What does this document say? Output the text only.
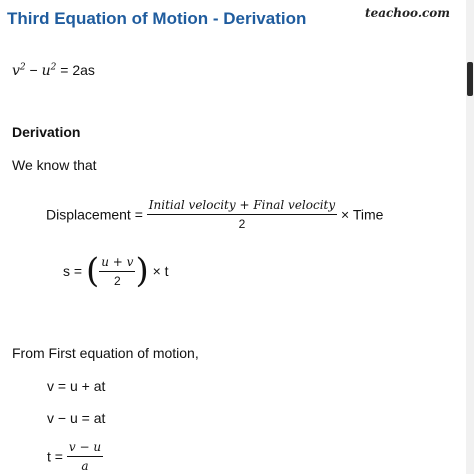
Third Equation of Motion - Derivation	teachoo.com
$v^2 - u^2 = 2as$
Derivation
We know that
Displacement = $\frac{\text{Initial velocity + Final velocity}}{2}$ × Time
s = ( $\frac{u + v}{2}$ ) × t
From First equation of motion,
v = u + at
v − u = at
$t = \frac{v - u}{a}$
